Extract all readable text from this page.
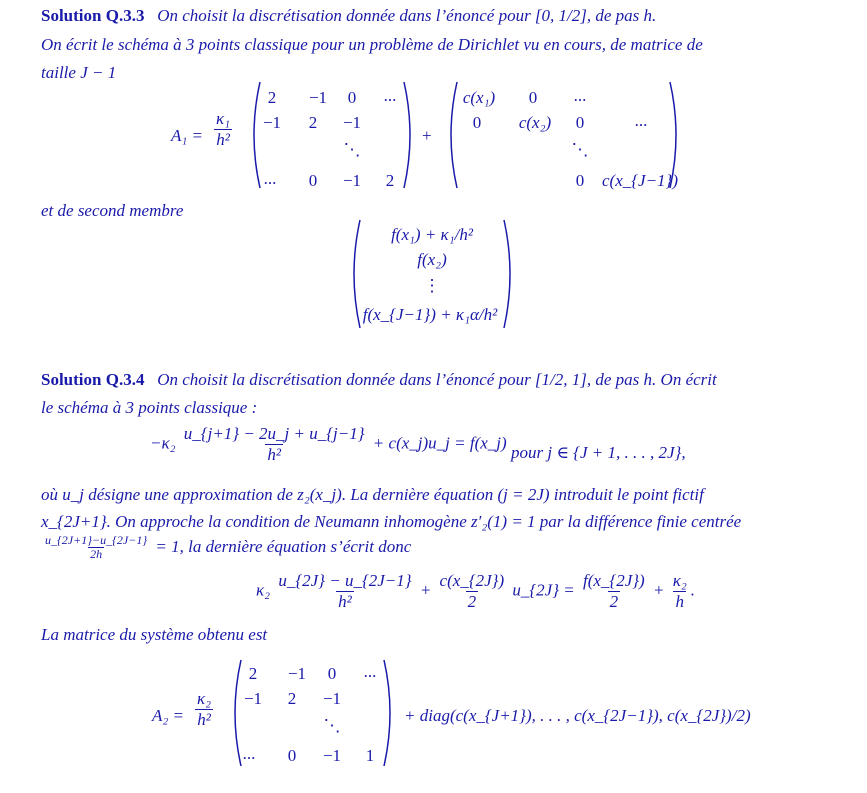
Solution Q.3.3 On choisit la discrétisation donnée dans l’énoncé pour [0, 1/2], de pas h.
On écrit le schéma à 3 points classique pour un problème de Dirichlet vu en cours, de matrice de
taille J − 1
$A_1 = \frac{\text{κ₁}}{\text{h²}}$
2 −1 0 ...
−1 2 −1
⋱
... 0 −1 2
+
c(x₁) 0 ...
0 c(x₂) 0	...
⋱
0 c(x_{J−1})
et de second membre
f(x₁) + κ₁/h²
f(x₂)
⋮
f(x_{J−1}) + κ₁α/h²
Solution Q.3.4 On choisit la discrétisation donnée dans l’énoncé pour [1/2, 1], de pas h. On écrit
le schéma à 3 points classique :
$-\kappa_2 \frac{u\_\{j+1\} - 2u\_j + u\_\{j-1\}}{\text{h²}}$ + c(x_j)u_j = f(x_j) pour j ∈ {J + 1, . . . , 2J},
où u_j désigne une approximation de z₂(x_j). La dernière équation (j = 2J) introduit le point fictif
x_{2J+1}. On approche la condition de Neumann inhomogène z′₂(1) = 1 par la différence finie centrée
$\frac{u\_\{2J+1\}-u\_\{2J-1\}}{2h} = 1$, la dernière équation s’écrit donc
$\kappa_2 \frac{u\_\{2J\} - u\_\{2J-1\}}{\text{h²}} + \frac{c(x\_\{2J\})}{2}$ u_{2J} = $\frac{f(x\_\{2J\})}{2} + \frac{\text{κ₂}}{h}$ .
La matrice du système obtenu est
$A_2 = \frac{\text{κ₂}}{\text{h²}}$
2 −1 0 ...
−1 2 −1
⋱
... 0 −1 1
+ diag(c(x_{J+1}), . . . , c(x_{2J−1}), c(x_{2J})/2)
